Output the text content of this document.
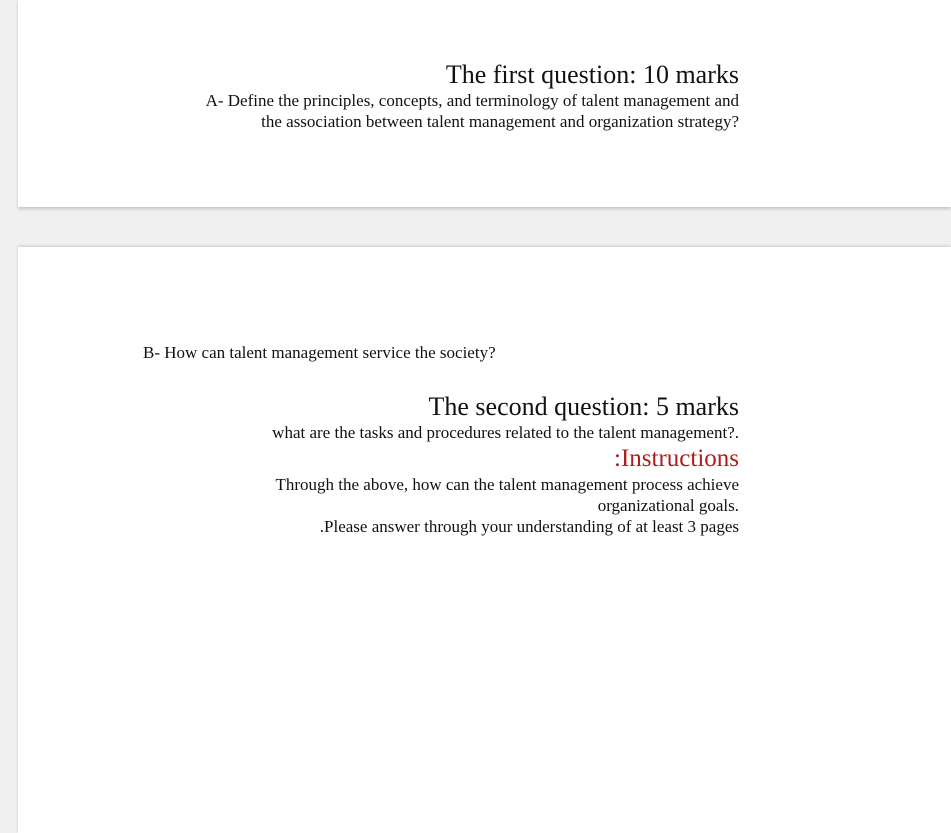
The first question: 10 marks
A- Define the principles, concepts, and terminology of talent management and
the association between talent management and organization strategy?
B- How can talent management service the society?
The second question: 5 marks
what are the tasks and procedures related to the talent management?.
:Instructions
Through the above, how can the talent management process achieve
organizational goals.
.Please answer through your understanding of at least 3 pages
